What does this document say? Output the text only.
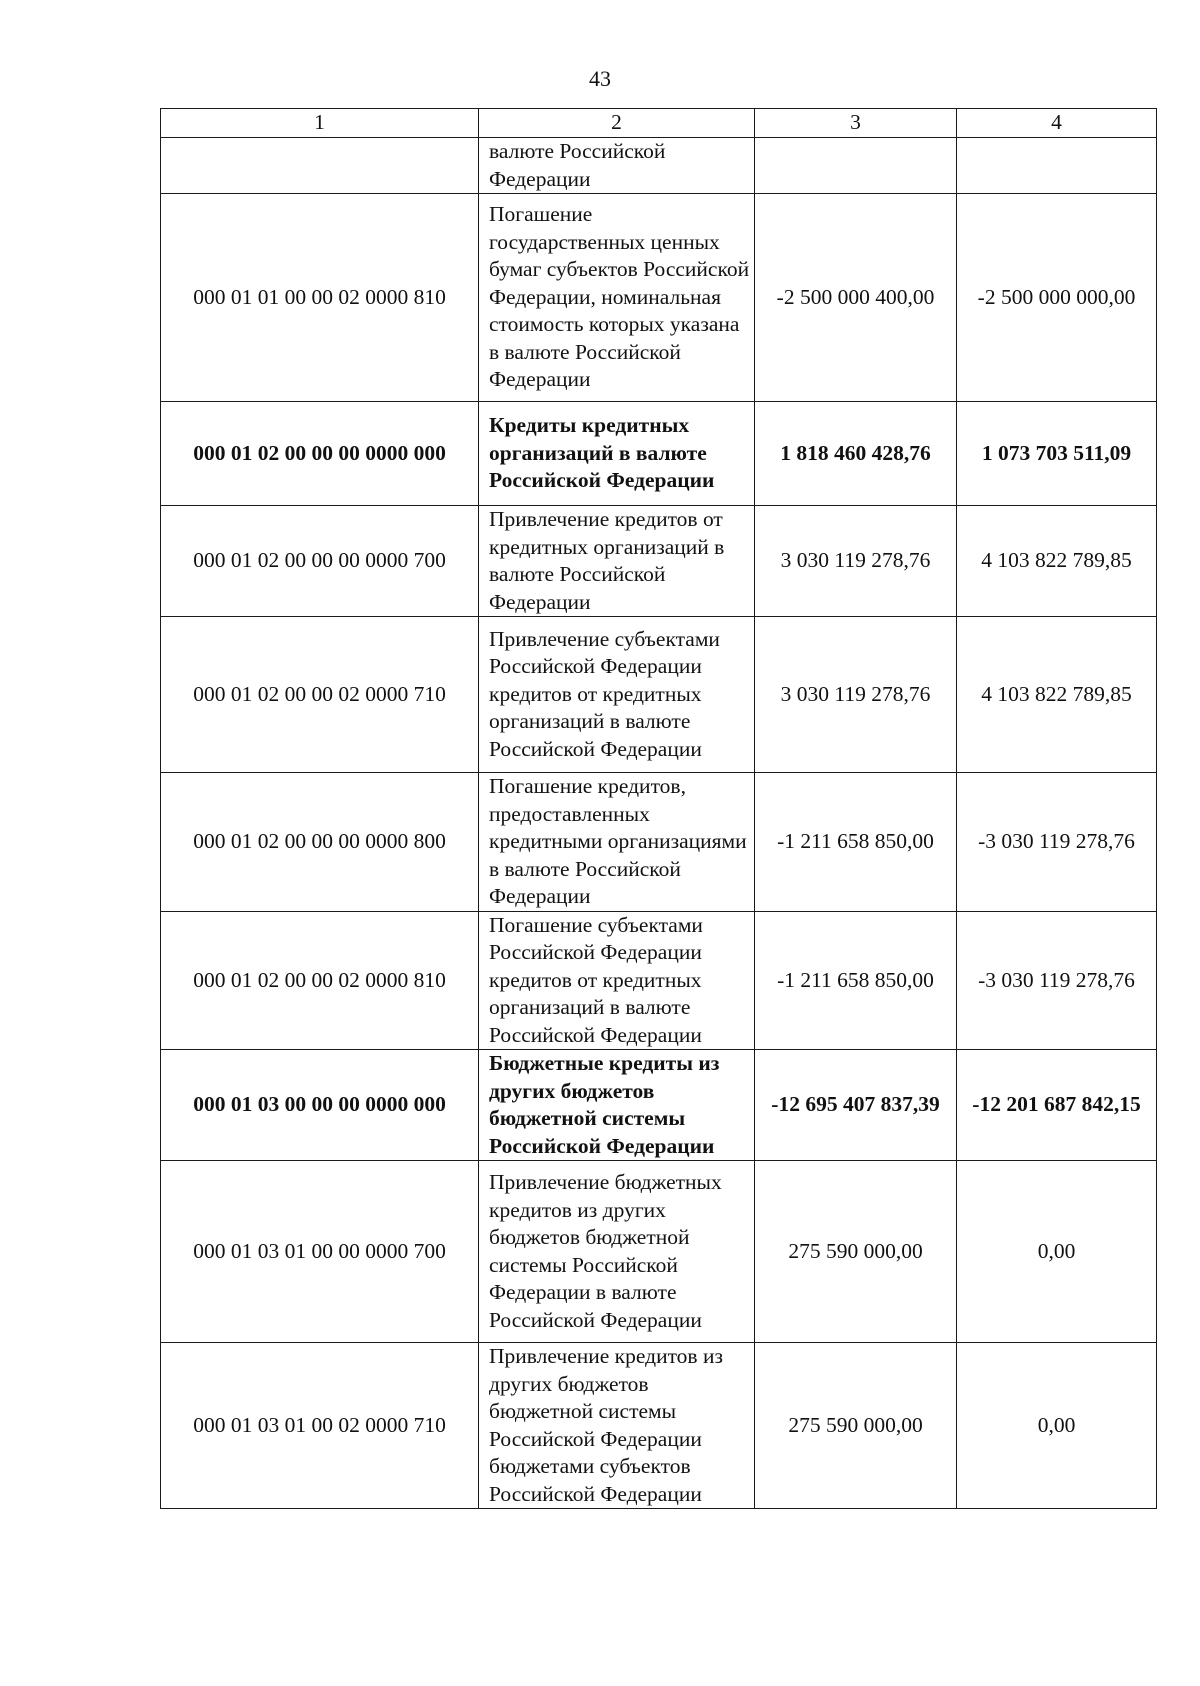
43
1	2	3	4
	валюте Российской Федерации		
000 01 01 00 00 02 0000 810	Погашение государственных ценных бумаг субъектов Российской Федерации, номинальная стоимость которых указана в валюте Российской Федерации	-2 500 000 400,00	-2 500 000 000,00
000 01 02 00 00 00 0000 000	Кредиты кредитных организаций в валюте Российской Федерации	1 818 460 428,76	1 073 703 511,09
000 01 02 00 00 00 0000 700	Привлечение кредитов от кредитных организаций в валюте Российской Федерации	3 030 119 278,76	4 103 822 789,85
000 01 02 00 00 02 0000 710	Привлечение субъектами Российской Федерации кредитов от кредитных организаций в валюте Российской Федерации	3 030 119 278,76	4 103 822 789,85
000 01 02 00 00 00 0000 800	Погашение кредитов, предоставленных кредитными организациями в валюте Российской Федерации	-1 211 658 850,00	-3 030 119 278,76
000 01 02 00 00 02 0000 810	Погашение субъектами Российской Федерации кредитов от кредитных организаций в валюте Российской Федерации	-1 211 658 850,00	-3 030 119 278,76
000 01 03 00 00 00 0000 000	Бюджетные кредиты из других бюджетов бюджетной системы Российской Федерации	-12 695 407 837,39	-12 201 687 842,15
000 01 03 01 00 00 0000 700	Привлечение бюджетных кредитов из других бюджетов бюджетной системы Российской Федерации в валюте Российской Федерации	275 590 000,00	0,00
000 01 03 01 00 02 0000 710	Привлечение кредитов из других бюджетов бюджетной системы Российской Федерации бюджетами субъектов Российской Федерации	275 590 000,00	0,00
